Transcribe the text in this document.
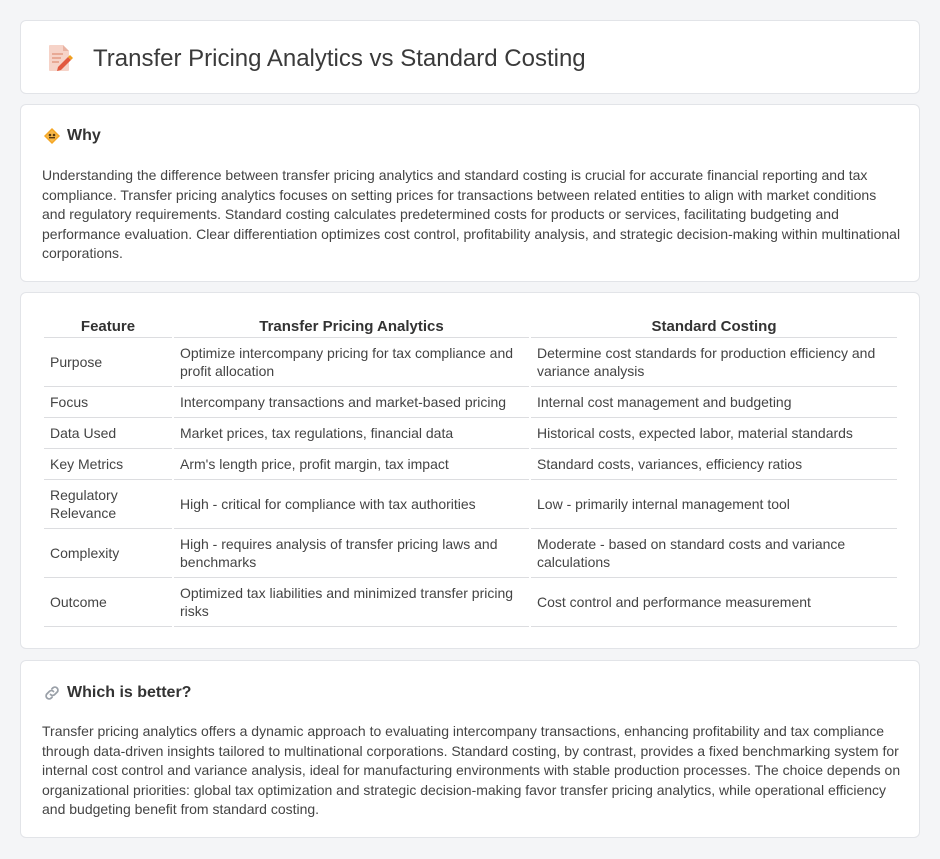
Transfer Pricing Analytics vs Standard Costing
Why

Understanding the difference between transfer pricing analytics and standard costing is crucial for accurate financial reporting and tax compliance. Transfer pricing analytics focuses on setting prices for transactions between related entities to align with market conditions and regulatory requirements. Standard costing calculates predetermined costs for products or services, facilitating budgeting and performance evaluation. Clear differentiation optimizes cost control, profitability analysis, and strategic decision-making within multinational corporations.

Feature	Transfer Pricing Analytics	Standard Costing
Purpose	Optimize intercompany pricing for tax compliance and profit allocation	Determine cost standards for production efficiency and variance analysis
Focus	Intercompany transactions and market-based pricing	Internal cost management and budgeting
Data Used	Market prices, tax regulations, financial data	Historical costs, expected labor, material standards
Key Metrics	Arm's length price, profit margin, tax impact	Standard costs, variances, efficiency ratios
Regulatory Relevance	High - critical for compliance with tax authorities	Low - primarily internal management tool
Complexity	High - requires analysis of transfer pricing laws and benchmarks	Moderate - based on standard costs and variance calculations
Outcome	Optimized tax liabilities and minimized transfer pricing risks	Cost control and performance measurement
Which is better?

Transfer pricing analytics offers a dynamic approach to evaluating intercompany transactions, enhancing profitability and tax compliance through data-driven insights tailored to multinational corporations. Standard costing, by contrast, provides a fixed benchmarking system for internal cost control and variance analysis, ideal for manufacturing environments with stable production processes. The choice depends on organizational priorities: global tax optimization and strategic decision-making favor transfer pricing analytics, while operational efficiency and budgeting benefit from standard costing.
